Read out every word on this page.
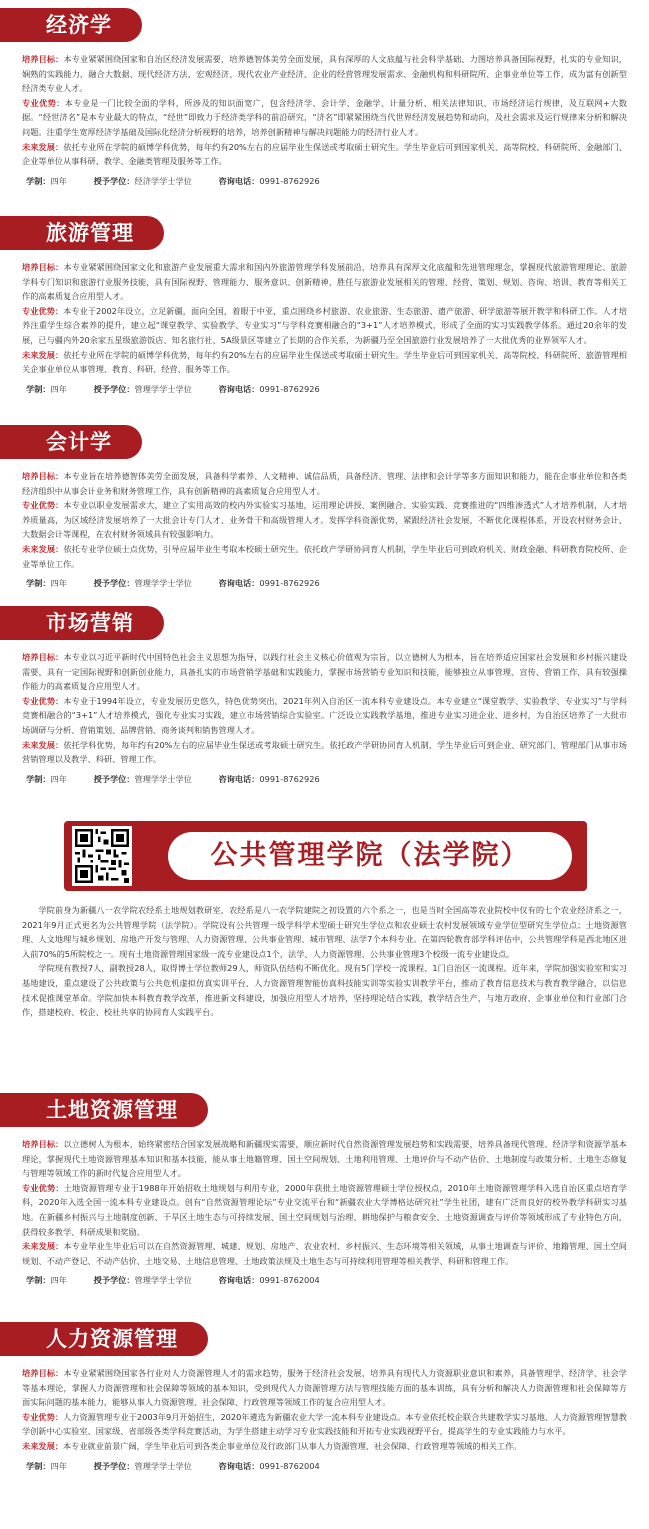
经济学

培养目标：本专业紧紧围绕国家和自治区经济发展需要，培养德智体美劳全面发展，具有深厚的人文底蕴与社会科学基础、力图培养具备国际视野，扎实的专业知识，娴熟的实践能力，融合大数据、现代经济方法，宏观经济、现代农业产业经济、企业的经营管理发展需求、金融机构和科研院所、企事业单位等工作，成为富有创新型经济类专业人才。

专业优势：本专业是一门比较全面的学科，所涉及的知识面宽广，包含经济学、会计学、金融学、计量分析、相关法律知识、市场经济运行规律，及互联网+大数据。“经世济名”是本专业最大的特点，“经世”即致力于经济类学科的前沿研究，“济名”即紧紧围绕当代世界经济发展趋势和动向，及社会需求及运行规律来分析和解决问题。注重学生宽厚经济学基础及国际化经济分析视野的培养，培养创新精神与解决问题能力的经济行业人才。

未来发展：依托专业所在学院的硕博学科优势，每年约有20%左右的应届毕业生保送或考取硕士研究生。学生毕业后可到国家机关、高等院校、科研院所、金融部门、企业等单位从事科研、教学、金融类管理及服务等工作。

学制：四年	授予学位：经济学学士学位	咨询电话：0991-8762926
旅游管理

培养目标：本专业紧紧围绕国家文化和旅游产业发展重大需求和国内外旅游管理学科发展前沿，培养具有深厚文化底蕴和先进管理理念，掌握现代旅游管理理论、旅游学科专门知识和旅游行业服务技能，具有国际视野、管理能力、服务意识、创新精神，胜任与旅游业发展相关的管理、经营、策划、规划、咨询、培训、教育等相关工作的高素质复合应用型人才。

专业优势：本专业于2002年设立，立足新疆，面向全国，着眼于中亚，重点围绕乡村旅游、农业旅游、生态旅游、遗产旅游、研学旅游等展开教学和科研工作。人才培养注重学生综合素养的提升，建立起“课堂教学、实验教学、专业实习”与学科竞赛相融合的“3+1”人才培养模式，形成了全面的实习实践教学体系。通过20余年的发展，已与疆内外20余家五星级旅游饭店、知名旅行社、5A级景区等建立了长期的合作关系，为新疆乃至全国旅游行业发展培养了一大批优秀的业界领军人才。

未来发展：依托专业所在学院的硕博学科优势，每年约有20%左右的应届毕业生保送或考取硕士研究生。学生毕业后可到国家机关、高等院校、科研院所、旅游管理相关企事业单位从事管理、教育、科研、经营、服务等工作。

学制：四年	授予学位：管理学学士学位	咨询电话：0991-8762926
会计学

培养目标：本专业旨在培养德智体美劳全面发展，具备科学素养、人文精神、诚信品质，具备经济、管理、法律和会计学等多方面知识和能力，能在企事业单位和各类经济组织中从事会计业务和财务管理工作，具有创新精神的高素质复合应用型人才。

专业优势：本专业以职业发展需求大，建立了实用高效的校内外实验实习基地，运用理论讲授、案例融合、实验实践、竞赛推进的“四维渗透式”人才培养机制，人才培养质量高，为区域经济发展培养了一大批会计专门人才、业务骨干和高级管理人才。发挥学科资源优势，紧跟经济社会发展，不断优化课程体系，开设农村财务会计、大数据会计等课程，在农村财务领域具有较强影响力。

未来发展：依托专业学位硕士点优势，引导应届毕业生考取本校硕士研究生。依托政产学研协同育人机制，学生毕业后可到政府机关、财政金融、科研教育院校所、企业等单位工作。

学制：四年	授予学位：管理学学士学位	咨询电话：0991-8762926
市场营销

培养目标：本专业以习近平新时代中国特色社会主义思想为指导，以践行社会主义核心价值观为宗旨，以立德树人为根本，旨在培养适应国家社会发展和乡村振兴建设需要，具有一定国际视野和创新创业能力，具备扎实的市场营销学基础和实践能力，掌握市场营销专业知识和技能，能够独立从事管理、宣传、营销工作，具有较强操作能力的高素质复合应用型人才。

专业优势：本专业于1994年设立，专业发展历史悠久，特色优势突出，2021年列入自治区一流本科专业建设点。本专业建立“课堂教学、实验教学、专业实习”与学科竞赛相融合的“3+1”人才培养模式，强化专业实习实践，建立市场营销综合实验室。广泛设立实践教学基地，推进专业实习进企业、进乡村，为自治区培养了一大批市场调研与分析、营销策划、品牌营销、商务谈判和销售管理人才。

未来发展：依托学科优势，每年约有20%左右的应届毕业生保送或考取硕士研究生。依托政产学研协同育人机制，学生毕业后可到企业、研究部门、管理部门从事市场营销管理以及教学、科研、管理工作。

学制：四年	授予学位：管理学学士学位	咨询电话：0991-8762926
公共管理学院（法学院）

学院前身为新疆八一农学院农经系土地规划教研室，农经系是八一农学院建院之初设置的六个系之一，也是当时全国高等农业院校中仅有的七个农业经济系之一，2021年9月正式更名为公共管理学院（法学院）。学院设有公共管理一级学科学术型硕士研究生学位点和农业硕士农村发展领域专业学位型研究生学位点；土地资源管理、人文地理与城乡规划、房地产开发与管理、人力资源管理、公共事业管理、城市管理、法学7个本科专业。在第四轮教育部学科评估中，公共管理学科是西北地区进入前70%的5所院校之一。现有土地资源管理国家级一流专业建设点1个，法学、人力资源管理、公共事业管理3个校级一流专业建设点。

学院现有教授7人，副教授28人，取得博士学位教师29人，师资队伍结构不断优化。现有5门学校一流课程、1门自治区一流课程。近年来，学院加强实验室和实习基地建设，重点建设了公共政策与公共危机虚拟仿真实训平台、人力资源管理智能仿真科技能实训等实验实训教学平台，推动了教育信息技术与教育教学融合，以信息技术促推课堂革命。学院加快本科教育教学改革，推进新文科建设，加强应用型人才培养，坚持理论结合实践，教学结合生产，与地方政府、企事业单位和行业部门合作，搭建校府、校企、校社共享的协同育人实践平台。

土地资源管理

培养目标：以立德树人为根本，始终紧密结合国家发展战略和新疆现实需要，顺应新时代自然资源管理发展趋势和实践需要，培养具备现代管理、经济学和资源学基本理论，掌握现代土地资源管理基本知识和基本技能，能从事土地籍管理、国土空间规划、土地利用管理、土地评价与不动产估价、土地制度与政策分析、土地生态修复与管理等领域工作的新时代复合应用型人才。

专业优势：土地资源管理专业于1988年开始招收土地规划与利用专业，2000年获批土地资源管理硕士学位授权点，2010年土地资源管理学科入选自治区重点培育学科，2020年入选全国一流本科专业建设点。创有“自然资源管理论坛”专业交流平台和“新疆农业大学博格达研究社”学生社团，建有广泛而良好的校外教学科研实习基地。在新疆乡村振兴与土地制度创新、干旱区土地生态与可持续发展、国土空间规划与治理、耕地保护与粮食安全、土地资源调查与评价等领域形成了专业特色方向，获得较多教学、科研成果和奖励。

未来发展：本专业毕业生毕业后可以在自然资源管理、城建、规划、房地产、农业农村、乡村振兴、生态环境等相关领域，从事土地调查与评价、地籍管理、国土空间规划、不动产登记、不动产估价、土地交易、土地信息管理、土地政策法规及土地生态与可持续利用管理等相关教学、科研和管理工作。

学制：四年	授予学位：管理学学士学位	咨询电话：0991-8762004
人力资源管理

培养目标：本专业紧紧围绕国家各行业对人力资源管理人才的需求趋势，服务于经济社会发展，培养具有现代人力资源职业意识和素养，具备管理学、经济学、社会学等基本理论，掌握人力资源管理和社会保障等领域的基本知识，受到现代人力资源管理方法与管理技能方面的基本训练，具有分析和解决人力资源管理和社会保障等方面实际问题的基本能力，能够从事人力资源管理、社会保障、行政管理等领域工作的复合应用型人才。

专业优势：人力资源管理专业于2003年9月开始招生，2020年遴选为新疆农业大学一流本科专业建设点。本专业依托校企联合共建教学实习基地、人力资源管理智慧教学创新中心实验室、国家级、省部级各类学科竞赛活动，为学生搭建主动学习专业实践技能和开拓专业实践视野平台，提高学生的专业实践能力与水平。

未来发展：本专业就业前景广阔，学生毕业后可到各类企事业单位及行政部门从事人力资源管理、社会保障、行政管理等领域的相关工作。

学制：四年	授予学位：管理学学士学位	咨询电话：0991-8762004
